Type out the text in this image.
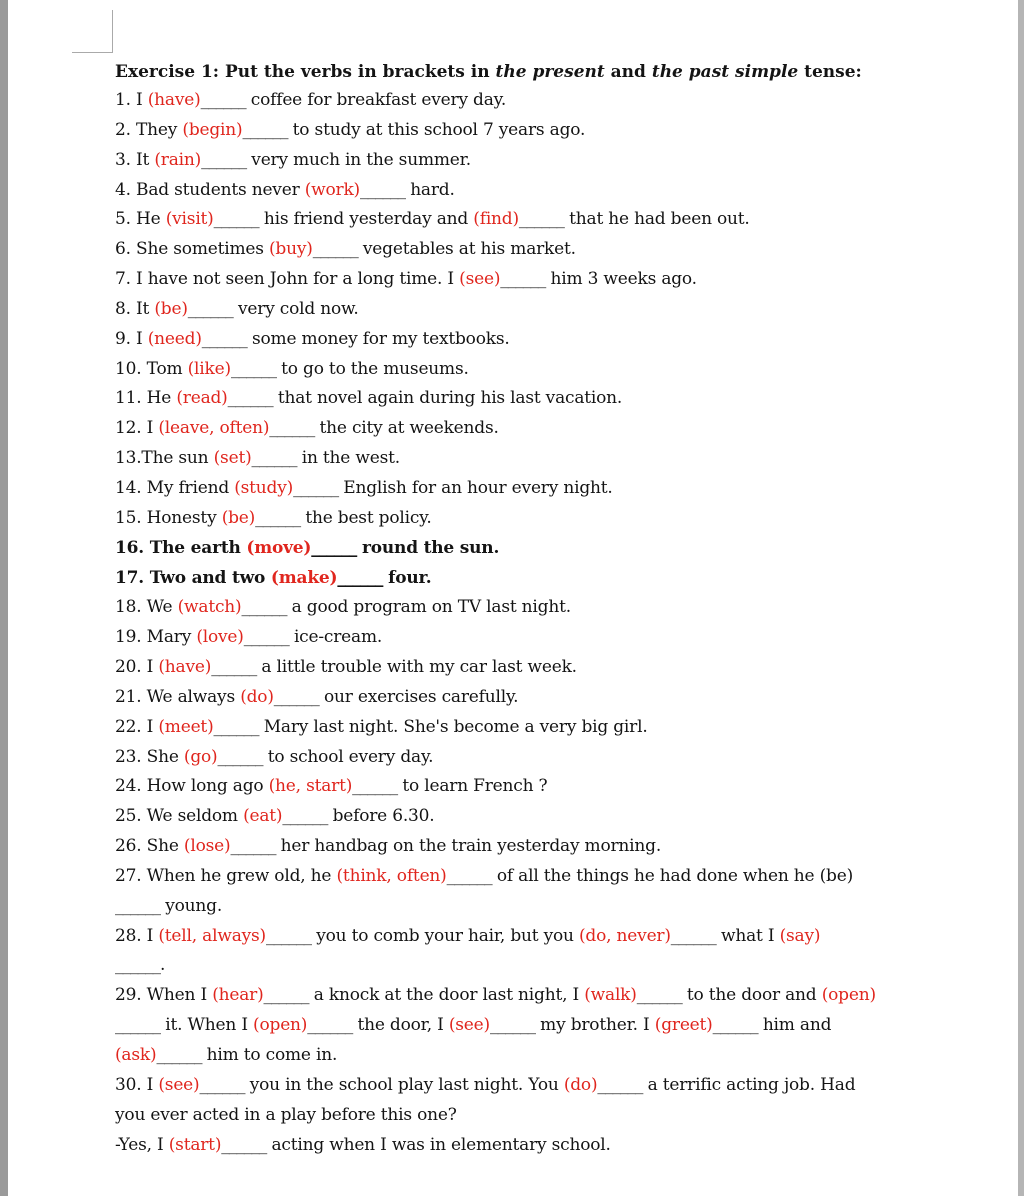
Exercise 1: Put the verbs in brackets in the present and the past simple tense:
1. I (have) ______	coffee for breakfast every day.
2. They (begin) ______	to study at this school 7 years ago.
3. It (rain) ______	very much in the summer.
4. Bad students never (work) ______	hard.
5. He (visit) ______	his friend yesterday and (find) ______	that he had been out.
6. She sometimes (buy) ______	vegetables at his market.
7. I have not seen John for a long time. I (see) ______	him 3 weeks ago.
8. It (be) ______	very cold now.
9. I (need) ______	some money for my textbooks.
10. Tom (like) ______	to go to the museums.
11. He (read) ______	that novel again during his last vacation.
12. I (leave, often) ______	the city at weekends.
13.The sun (set) ______	in the west.
14. My friend (study) ______	English for an hour every night.
15. Honesty (be) ______	the best policy.
16. The earth (move) ______	round the sun.
17. Two and two (make) ______	four.
18. We (watch) ______	a good program on TV last night.
19. Mary (love) ______	ice-cream.
20. I (have) ______	a little trouble with my car last week.
21. We always (do) ______	our exercises carefully.
22. I (meet) ______	Mary last night. She's become a very big girl.
23. She (go) ______	to school every day.
24. How long ago (he, start) ______	to learn French ?
25. We seldom (eat) ______	before 6.30.
26. She (lose) ______	her handbag on the train yesterday morning.
27. When he grew old, he (think, often) ______	of all the things he had done when he (be)
______ young.
28. I (tell, always) ______	you to comb your hair, but you (do, never) ______	what I (say)
______.
29. When I (hear) ______	a knock at the door last night, I (walk) ______	to the door and (open)
______ it. When I (open) ______	the door, I (see) ______	my brother. I (greet) ______	him and
(ask) ______	him to come in.
30. I (see) ______	you in the school play last night. You (do) ______	a terrific acting job. Had
you ever acted in a play before this one?
-Yes, I (start) ______	acting when I was in elementary school.
